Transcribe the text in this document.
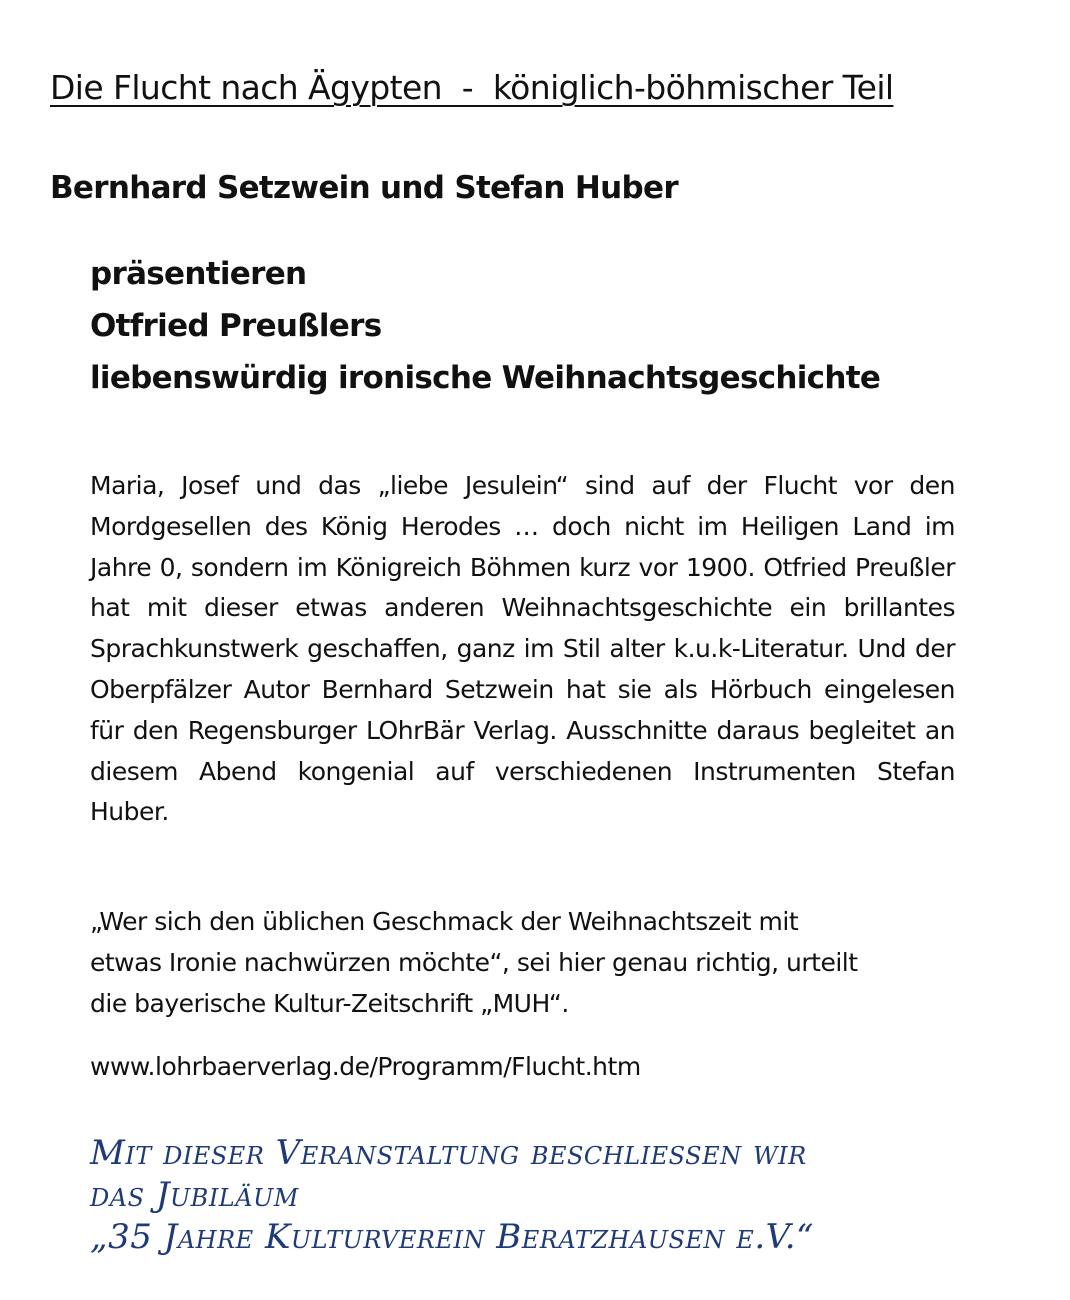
Die Flucht nach Ägypten  -  königlich-böhmischer Teil
Bernhard Setzwein und Stefan Huber
präsentieren
Otfried Preußlers
liebenswürdig ironische Weihnachtsgeschichte

Maria, Josef und das „liebe Jesulein“ sind auf der Flucht vor den Mordgesellen des König Herodes … doch nicht im Heiligen Land im Jahre 0, sondern im Königreich Böhmen kurz vor 1900. Otfried Preußler hat mit dieser etwas anderen Weihnachtsgeschichte ein brillantes Sprachkunstwerk geschaffen, ganz im Stil alter k.u.k-Literatur. Und der Oberpfälzer Autor Bernhard Setzwein hat sie als Hörbuch eingelesen für den Regensburger LOhrBär Verlag. Ausschnitte daraus begleitet an diesem Abend kongenial auf verschiedenen Instrumenten Stefan Huber.

„Wer sich den üblichen Geschmack der Weihnachtszeit mit
etwas Ironie nachwürzen möchte“, sei hier genau richtig, urteilt
die bayerische Kultur-Zeitschrift „MUH“.

www.lohrbaerverlag.de/Programm/Flucht.htm

Mit dieser Veranstaltung beschliessen wir
das Jubiläum
„35 Jahre Kulturverein Beratzhausen e.V.“
